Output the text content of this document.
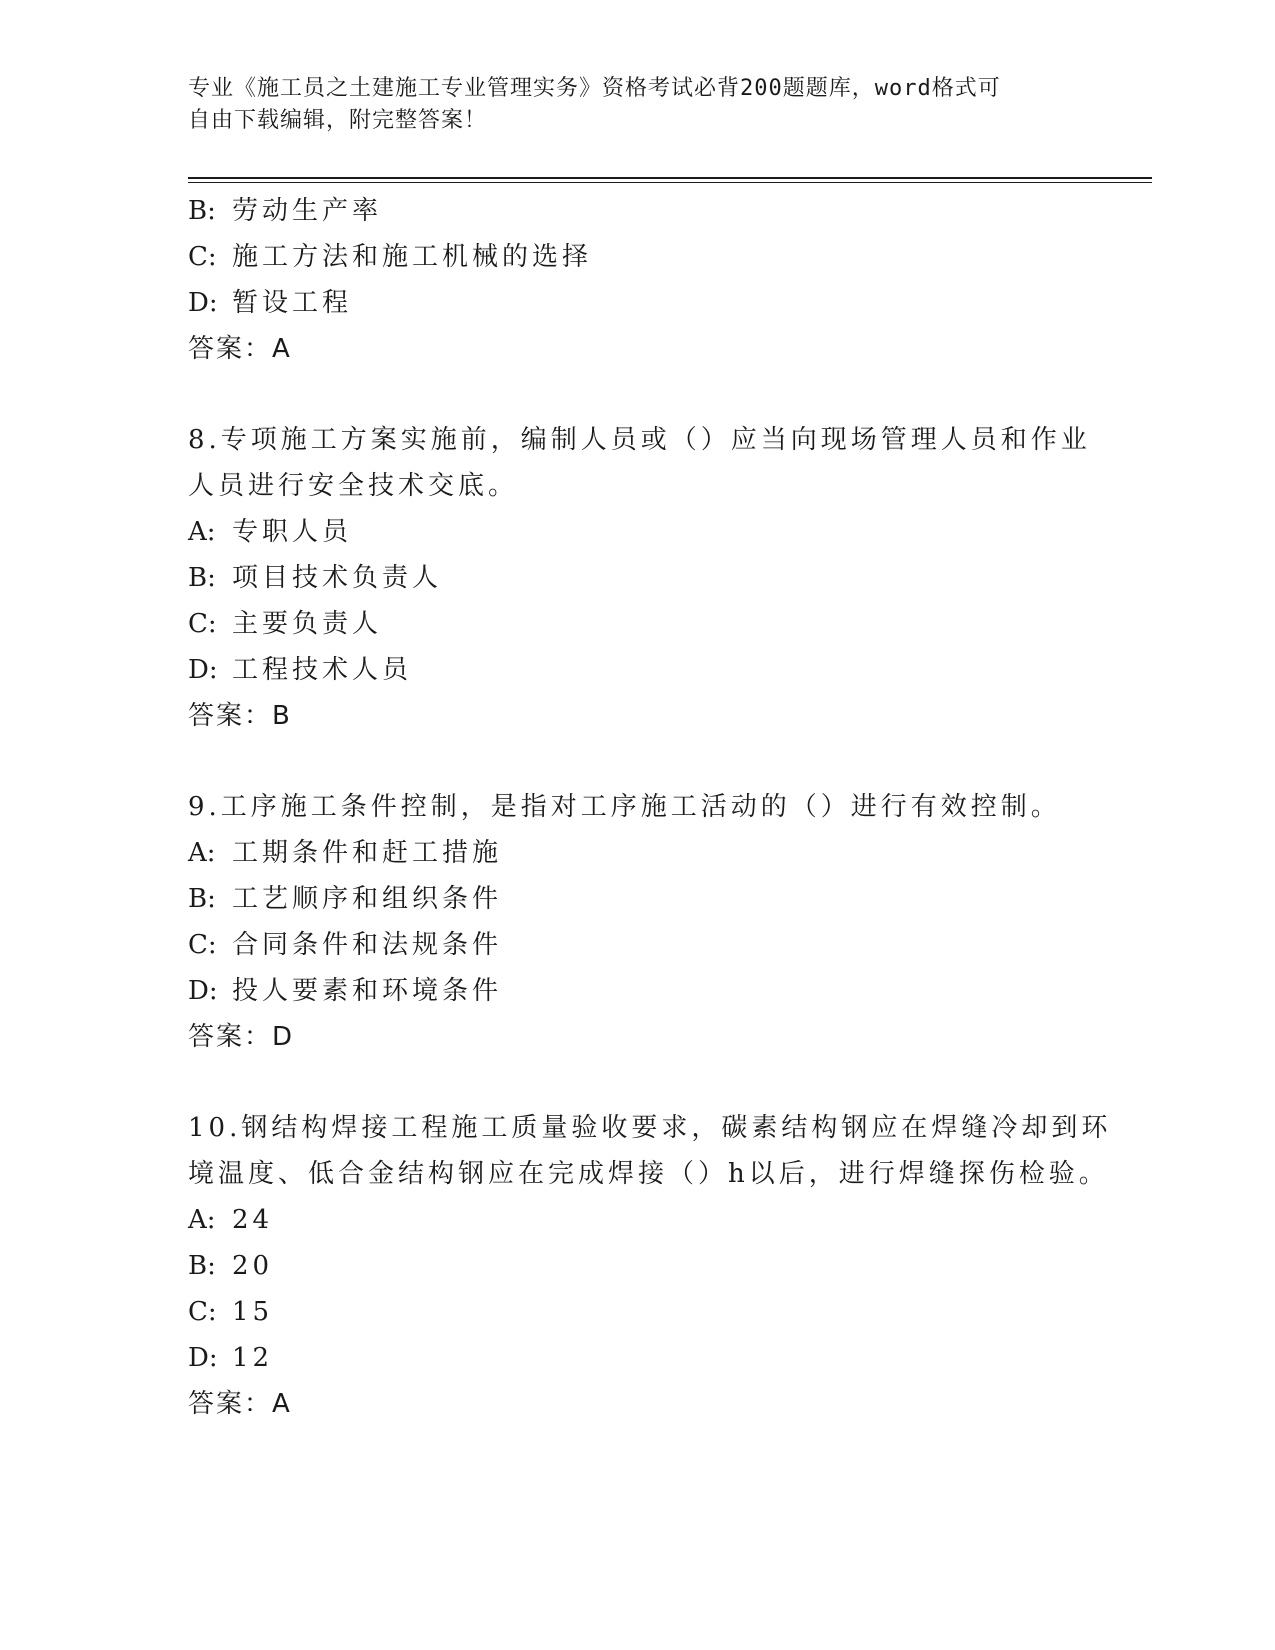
专业《施工员之土建施工专业管理实务》资格考试必背200题题库，word格式可
自由下载编辑，附完整答案！
B: 劳动生产率
C: 施工方法和施工机械的选择
D: 暂设工程
答案：A
8.专项施工方案实施前，编制人员或（）应当向现场管理人员和作业
人员进行安全技术交底。
A: 专职人员
B: 项目技术负责人
C: 主要负责人
D: 工程技术人员
答案：B
9.工序施工条件控制，是指对工序施工活动的（）进行有效控制。
A: 工期条件和赶工措施
B: 工艺顺序和组织条件
C: 合同条件和法规条件
D: 投人要素和环境条件
答案：D
10.钢结构焊接工程施工质量验收要求，碳素结构钢应在焊缝冷却到环
境温度、低合金结构钢应在完成焊接（）h以后，进行焊缝探伤检验。
A: 24
B: 20
C: 15
D: 12
答案：A
